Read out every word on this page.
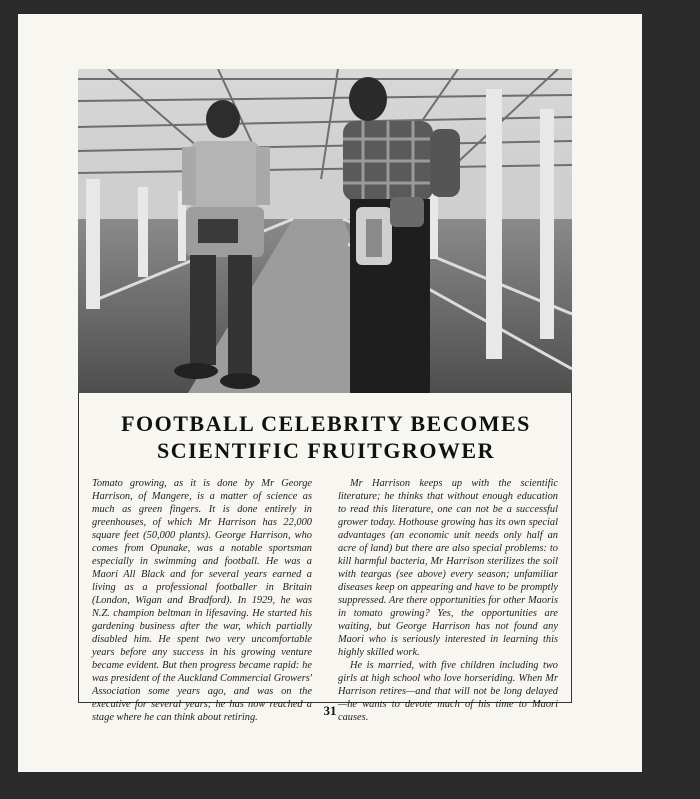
FOOTBALL CELEBRITY BECOMES
SCIENTIFIC FRUITGROWER

Tomato growing, as it is done by Mr George Harrison, of Mangere, is a matter of science as much as green fingers. It is done entirely in greenhouses, of which Mr Harrison has 22,000 square feet (50,000 plants). George Harrison, who comes from Opunake, was a notable sportsman especially in swimming and football. He was a Maori All Black and for several years earned a living as a professional footballer in Britain (London, Wigan and Bradford). In 1929, he was N.Z. champion beltman in lifesaving. He started his gardening business after the war, which partially disabled him. He spent two very uncomfortable years before any success in his growing venture became evident. But then progress became rapid: he was president of the Auckland Commercial Growers' Association some years ago, and was on the executive for several years; he has now reached a stage where he can think about retiring.

Mr Harrison keeps up with the scientific literature; he thinks that without enough education to read this literature, one can not be a successful grower today. Hothouse growing has its own special advantages (an economic unit needs only half an acre of land) but there are also special problems: to kill harmful bacteria, Mr Harrison sterilizes the soil with teargas (see above) every season; unfamiliar diseases keep on appearing and have to be promptly suppressed. Are there opportunities for other Maoris in tomato growing? Yes, the opportunities are waiting, but George Harrison has not found any Maori who is seriously interested in learning this highly skilled work.

He is married, with five children including two girls at high school who love horseriding. When Mr Harrison retires—and that will not be long delayed—he wants to devote much of his time to Maori causes.

31
